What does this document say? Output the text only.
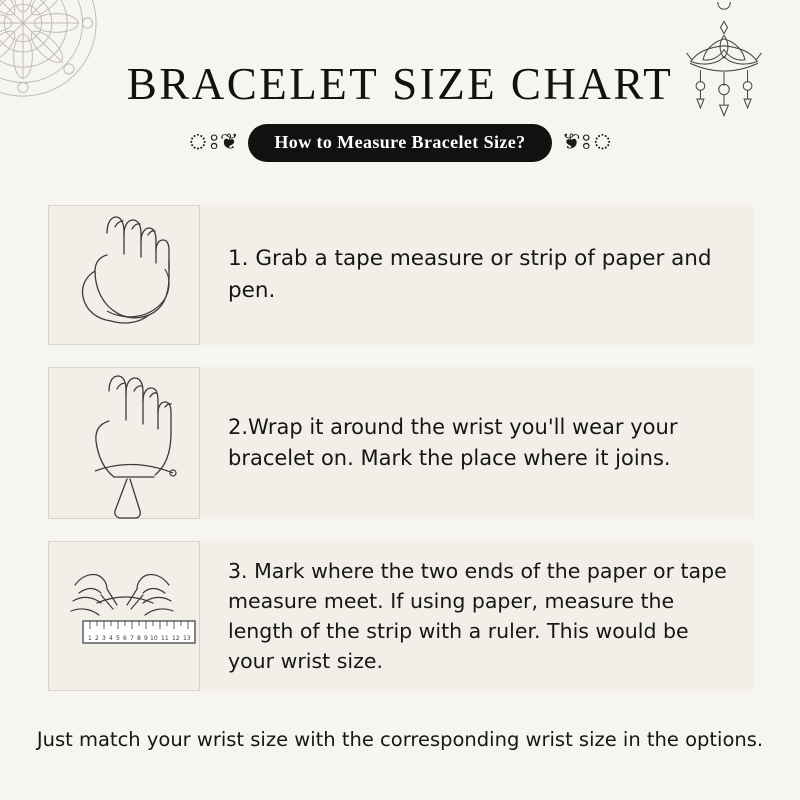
BRACELET SIZE CHART
ঃ❦	How to Measure Bracelet Size?	ঃ❦
1. Grab a tape measure or strip of paper and pen.
2.Wrap it around the wrist you'll wear your bracelet on. Mark the place where it joins.
1 2 3 4 5 6 7 8 9 10 11 12 13
3. Mark where the two ends of the paper or tape measure meet. If using paper, measure the length of the strip with a ruler. This would be your wrist size.
Just match your wrist size with the corresponding wrist size in the options.
